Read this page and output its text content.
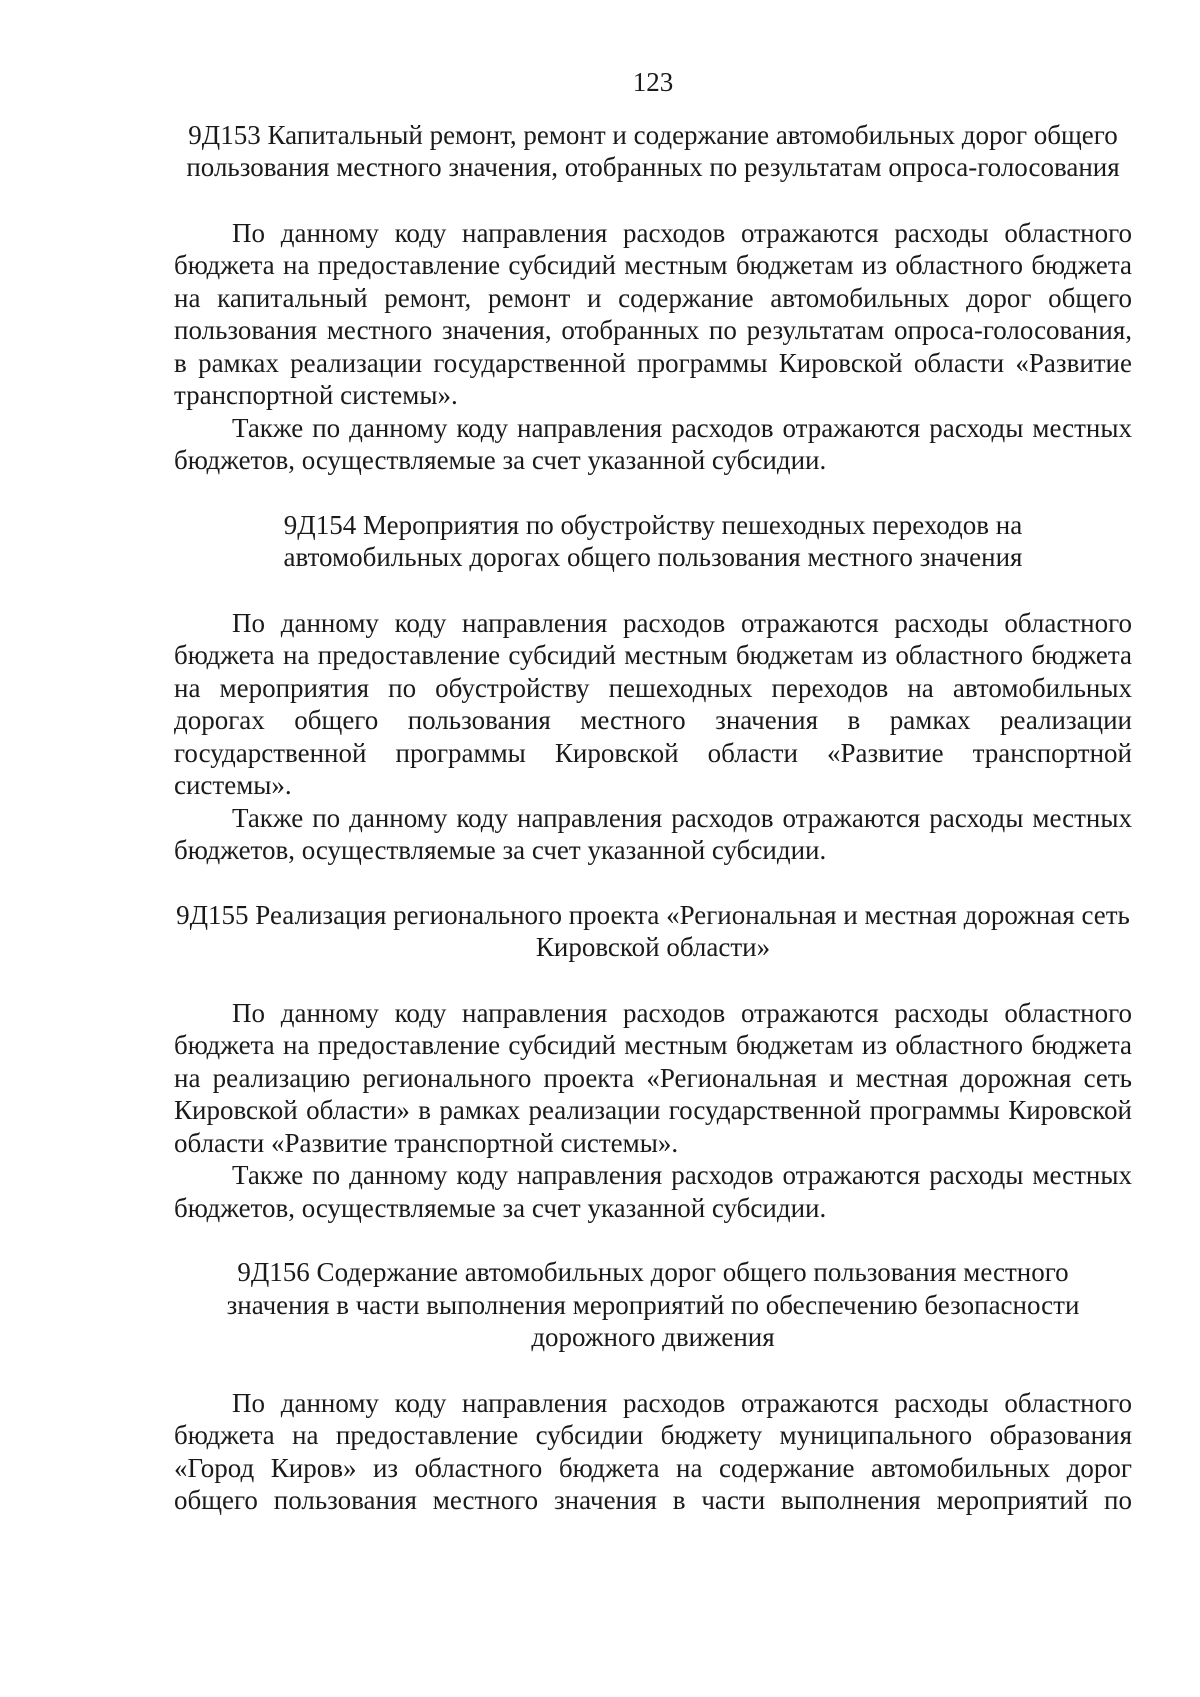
123
9Д153 Капитальный ремонт, ремонт и содержание автомобильных дорог общего пользования местного значения, отобранных по результатам опроса-голосования

По данному коду направления расходов отражаются расходы областного бюджета на предоставление субсидий местным бюджетам из областного бюджета на капитальный ремонт, ремонт и содержание автомобильных дорог общего пользования местного значения, отобранных по результатам опроса-голосования, в рамках реализации государственной программы Кировской области «Развитие транспортной системы».

Также по данному коду направления расходов отражаются расходы местных бюджетов, осуществляемые за счет указанной субсидии.

9Д154 Мероприятия по обустройству пешеходных переходов на автомобильных дорогах общего пользования местного значения

По данному коду направления расходов отражаются расходы областного бюджета на предоставление субсидий местным бюджетам из областного бюджета на мероприятия по обустройству пешеходных переходов на автомобильных дорогах общего пользования местного значения в рамках реализации государственной программы Кировской области «Развитие транспортной системы».

Также по данному коду направления расходов отражаются расходы местных бюджетов, осуществляемые за счет указанной субсидии.

9Д155 Реализация регионального проекта «Региональная и местная дорожная сеть Кировской области»

По данному коду направления расходов отражаются расходы областного бюджета на предоставление субсидий местным бюджетам из областного бюджета на реализацию регионального проекта «Региональная и местная дорожная сеть Кировской области» в рамках реализации государственной программы Кировской области «Развитие транспортной системы».

Также по данному коду направления расходов отражаются расходы местных бюджетов, осуществляемые за счет указанной субсидии.

9Д156 Содержание автомобильных дорог общего пользования местного значения в части выполнения мероприятий по обеспечению безопасности дорожного движения

По данному коду направления расходов отражаются расходы областного бюджета на предоставление субсидии бюджету муниципального образования «Город Киров» из областного бюджета на содержание автомобильных дорог общего пользования местного значения в части выполнения мероприятий по
